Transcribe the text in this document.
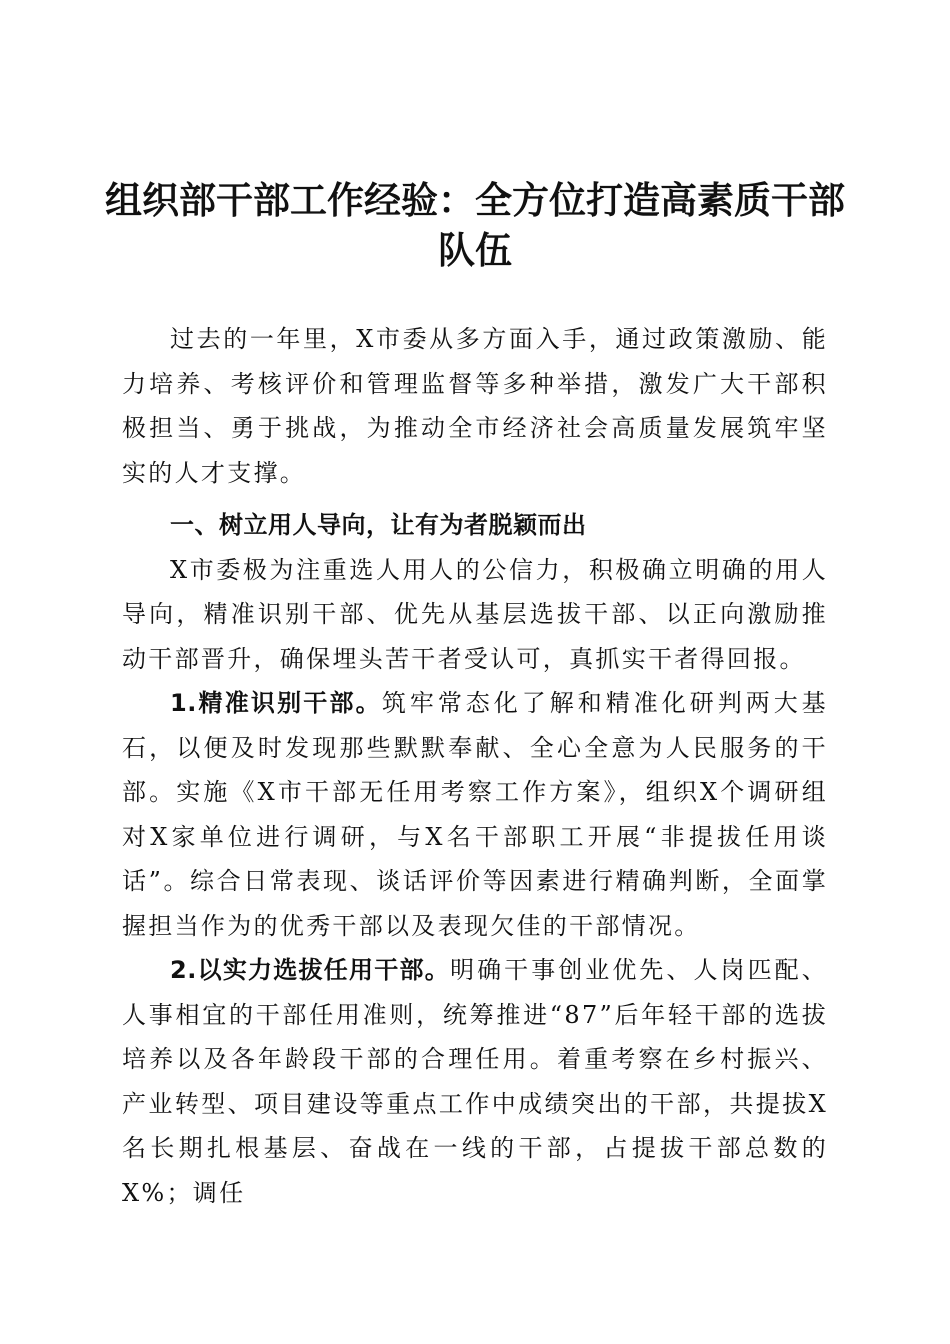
组织部干部工作经验：全方位打造高素质干部队伍

过去的一年里，X市委从多方面入手，通过政策激励、能力培养、考核评价和管理监督等多种举措，激发广大干部积极担当、勇于挑战，为推动全市经济社会高质量发展筑牢坚实的人才支撑。

一、树立用人导向，让有为者脱颖而出

X市委极为注重选人用人的公信力，积极确立明确的用人导向，精准识别干部、优先从基层选拔干部、以正向激励推动干部晋升，确保埋头苦干者受认可，真抓实干者得回报。

1.精准识别干部。筑牢常态化了解和精准化研判两大基石，以便及时发现那些默默奉献、全心全意为人民服务的干部。实施《X市干部无任用考察工作方案》，组织X个调研组对X家单位进行调研，与X名干部职工开展“非提拔任用谈话”。综合日常表现、谈话评价等因素进行精确判断，全面掌握担当作为的优秀干部以及表现欠佳的干部情况。

2.以实力选拔任用干部。明确干事创业优先、人岗匹配、人事相宜的干部任用准则，统筹推进“87”后年轻干部的选拔培养以及各年龄段干部的合理任用。着重考察在乡村振兴、产业转型、项目建设等重点工作中成绩突出的干部，共提拔X名长期扎根基层、奋战在一线的干部，占提拔干部总数的X%；调任
